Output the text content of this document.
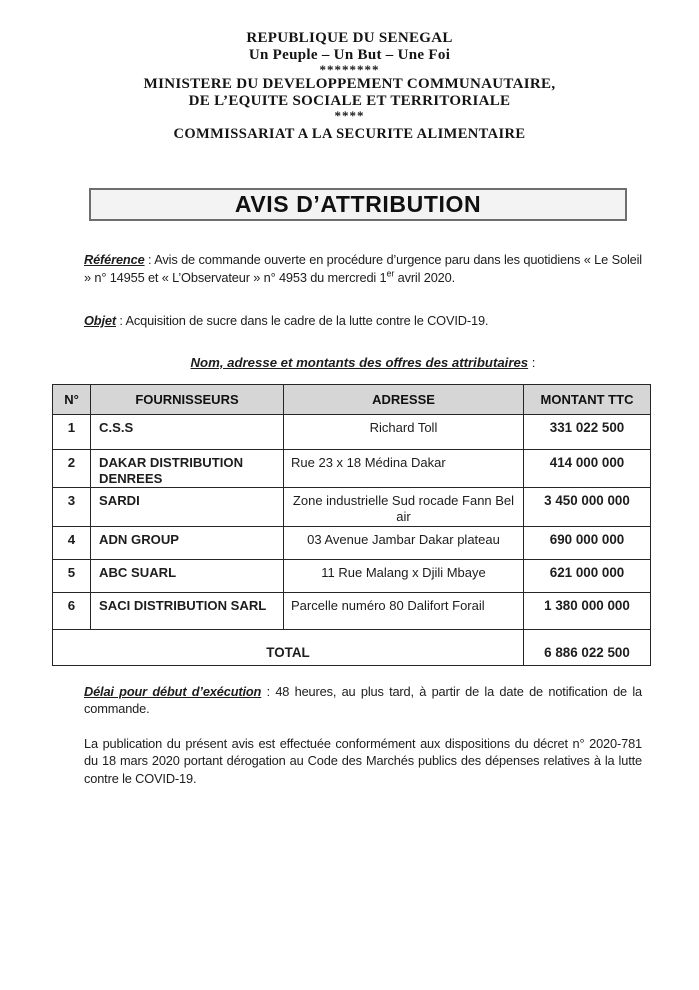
REPUBLIQUE DU SENEGAL
Un Peuple – Un But – Une Foi
********
MINISTERE DU DEVELOPPEMENT COMMUNAUTAIRE,
DE L’EQUITE SOCIALE ET TERRITORIALE
****
COMMISSARIAT A LA SECURITE ALIMENTAIRE
AVIS D’ATTRIBUTION

Référence : Avis de commande ouverte en procédure d’urgence paru dans les quotidiens « Le Soleil » n° 14955 et « L’Observateur » n° 4953 du mercredi 1er avril 2020.

Objet : Acquisition de sucre dans le cadre de la lutte contre le COVID-19.

Nom, adresse et montants des offres des attributaires :
N°	FOURNISSEURS	ADRESSE	MONTANT TTC
1	C.S.S	Richard Toll	331 022 500
2	DAKAR DISTRIBUTION DENREES	Rue 23 x 18 Médina Dakar	414 000 000
3	SARDI	Zone industrielle Sud rocade Fann Bel air	3 450 000 000
4	ADN GROUP	03 Avenue Jambar Dakar plateau	690 000 000
5	ABC SUARL	11 Rue Malang x Djili Mbaye	621 000 000
6	SACI DISTRIBUTION SARL	Parcelle numéro 80 Dalifort Forail	1 380 000 000
TOTAL			6 886 022 500

Délai pour début d’exécution : 48 heures, au plus tard, à partir de la date de notification de la commande.

La publication du présent avis est effectuée conformément aux dispositions du décret n° 2020-781 du 18 mars 2020 portant dérogation au Code des Marchés publics des dépenses relatives à la lutte contre le COVID-19.
